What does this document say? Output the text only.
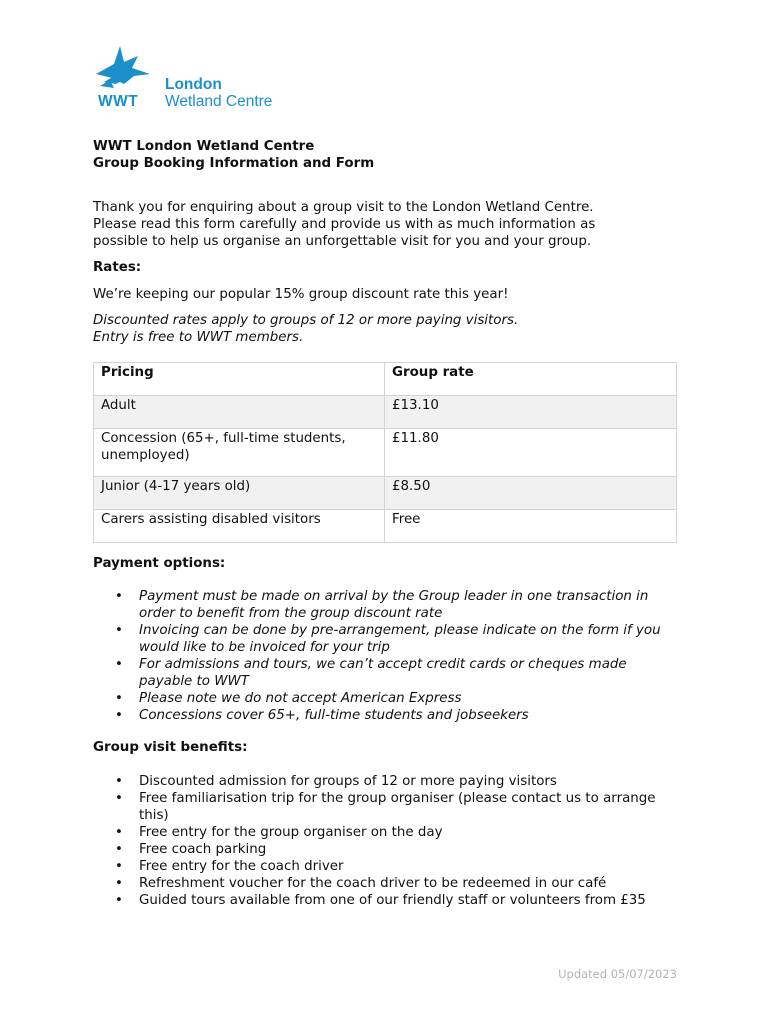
WWT
London
Wetland Centre
WWT London Wetland Centre
Group Booking Information and Form
Thank you for enquiring about a group visit to the London Wetland Centre.
Please read this form carefully and provide us with as much information as
possible to help us organise an unforgettable visit for you and your group.
Rates:
We’re keeping our popular 15% group discount rate this year!
Discounted rates apply to groups of 12 or more paying visitors.
Entry is free to WWT members.
Pricing	Group rate
Adult	£13.10
Concession (65+, full-time students, unemployed)	£11.80
Junior (4-17 years old)	£8.50
Carers assisting disabled visitors	Free
Payment options:
• Payment must be made on arrival by the Group leader in one transaction in order to benefit from the group discount rate
• Invoicing can be done by pre-arrangement, please indicate on the form if you would like to be invoiced for your trip
• For admissions and tours, we can’t accept credit cards or cheques made payable to WWT
• Please note we do not accept American Express
• Concessions cover 65+, full-time students and jobseekers
Group visit benefits:
• Discounted admission for groups of 12 or more paying visitors
• Free familiarisation trip for the group organiser (please contact us to arrange this)
• Free entry for the group organiser on the day
• Free coach parking
• Free entry for the coach driver
• Refreshment voucher for the coach driver to be redeemed in our café
• Guided tours available from one of our friendly staff or volunteers from £35
Updated 05/07/2023
